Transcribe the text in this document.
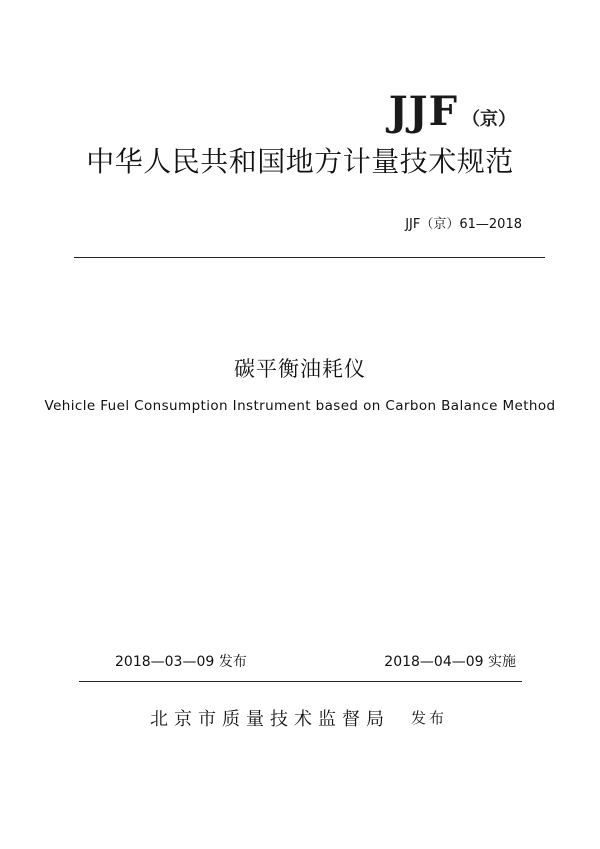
JJF （京）
中华人民共和国地方计量技术规范
JJF（京）61—2018
碳平衡油耗仪
Vehicle Fuel Consumption Instrument based on Carbon Balance Method
2018—03—09 发布	2018—04—09 实施
北京市质量技术监督局 发布
